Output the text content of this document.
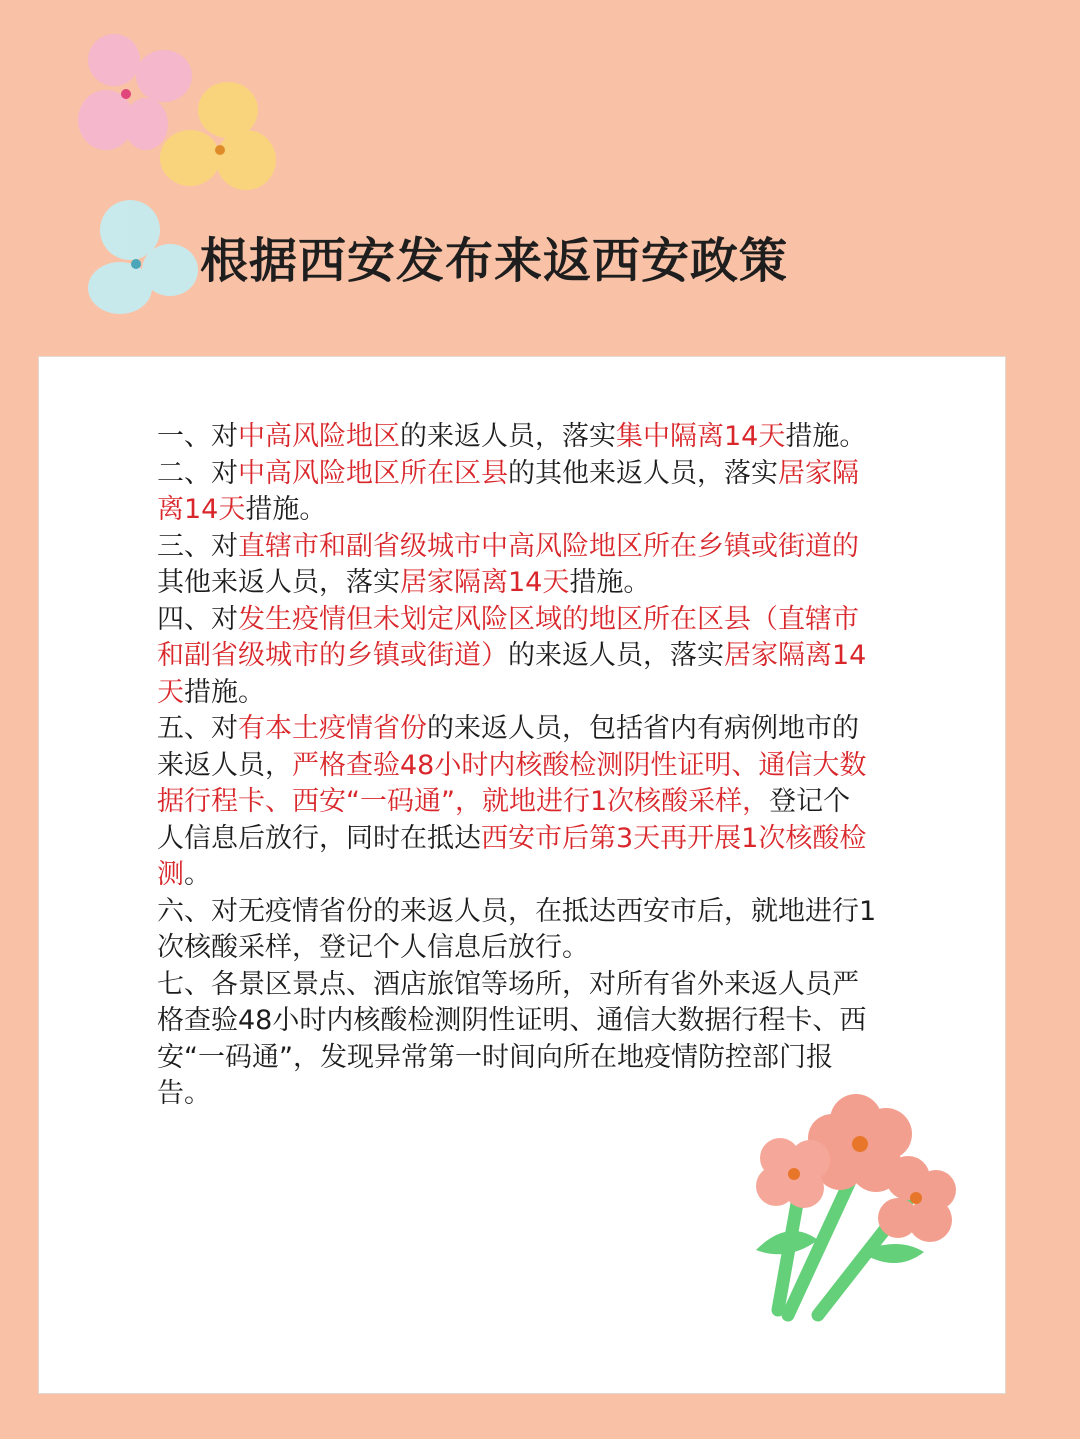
根据西安发布来返西安政策

一、对中高风险地区的来返人员，落实集中隔离14天措施。

二、对中高风险地区所在区县的其他来返人员，落实居家隔离14天措施。

三、对直辖市和副省级城市中高风险地区所在乡镇或街道的其他来返人员，落实居家隔离14天措施。

四、对发生疫情但未划定风险区域的地区所在区县（直辖市和副省级城市的乡镇或街道）的来返人员，落实居家隔离14天措施。

五、对有本土疫情省份的来返人员，包括省内有病例地市的来返人员，严格查验48小时内核酸检测阴性证明、通信大数据行程卡、西安“一码通”，就地进行1次核酸采样，登记个人信息后放行，同时在抵达西安市后第3天再开展1次核酸检测。

六、对无疫情省份的来返人员，在抵达西安市后，就地进行1次核酸采样，登记个人信息后放行。

七、各景区景点、酒店旅馆等场所，对所有省外来返人员严格查验48小时内核酸检测阴性证明、通信大数据行程卡、西安“一码通”，发现异常第一时间向所在地疫情防控部门报告。
